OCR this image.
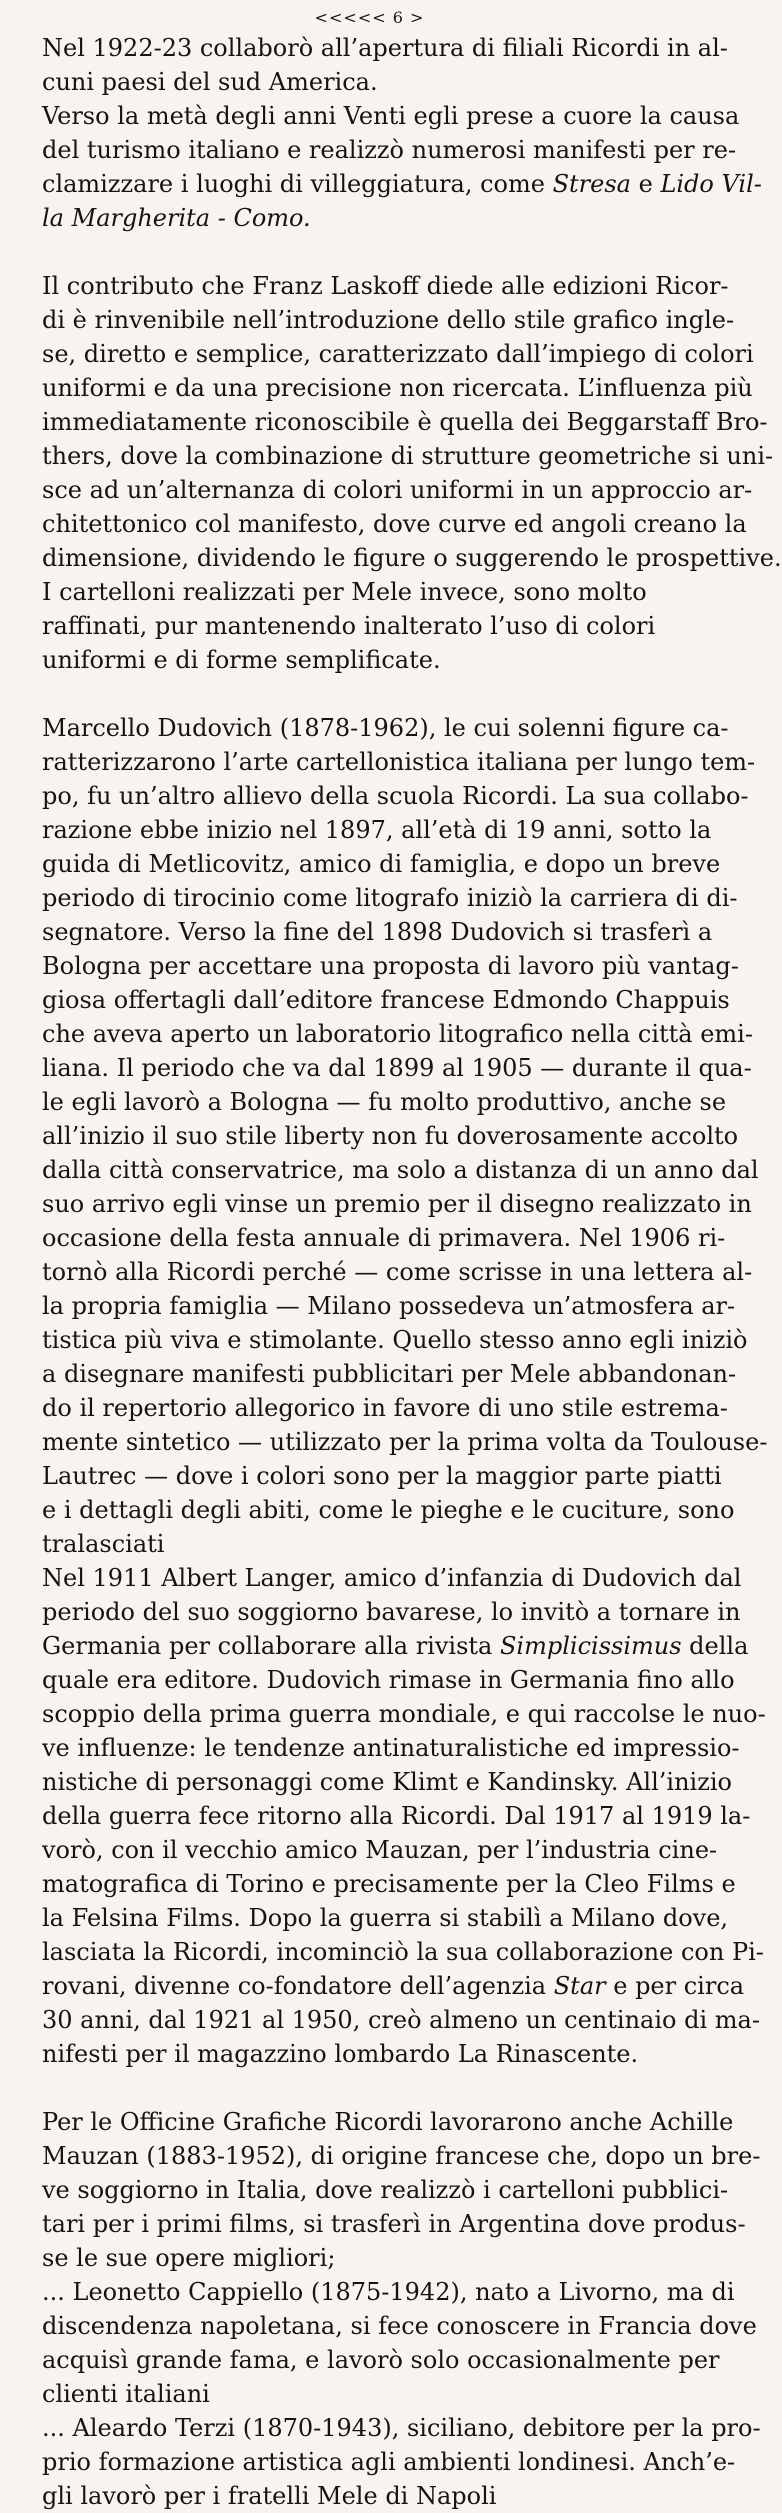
<<<<< 6 >
Nel 1922-23 collaborò all’apertura di filiali Ricordi in al-
cuni paesi del sud America.
Verso la metà degli anni Venti egli prese a cuore la causa
del turismo italiano e realizzò numerosi manifesti per re-
clamizzare i luoghi di villeggiatura, come Stresa e Lido Vil-
la Margherita - Como.
Il contributo che Franz Laskoff diede alle edizioni Ricor-
di è rinvenibile nell’introduzione dello stile grafico ingle-
se, diretto e semplice, caratterizzato dall’impiego di colori
uniformi e da una precisione non ricercata. L’influenza più
immediatamente riconoscibile è quella dei Beggarstaff Bro-
thers, dove la combinazione di strutture geometriche si uni-
sce ad un’alternanza di colori uniformi in un approccio ar-
chitettonico col manifesto, dove curve ed angoli creano la
dimensione, dividendo le figure o suggerendo le prospettive.
I cartelloni realizzati per Mele invece, sono molto
raffinati, pur mantenendo inalterato l’uso di colori
uniformi e di forme semplificate.
Marcello Dudovich (1878-1962), le cui solenni figure ca-
ratterizzarono l’arte cartellonistica italiana per lungo tem-
po, fu un’altro allievo della scuola Ricordi. La sua collabo-
razione ebbe inizio nel 1897, all’età di 19 anni, sotto la
guida di Metlicovitz, amico di famiglia, e dopo un breve
periodo di tirocinio come litografo iniziò la carriera di di-
segnatore. Verso la fine del 1898 Dudovich si trasferì a
Bologna per accettare una proposta di lavoro più vantag-
giosa offertagli dall’editore francese Edmondo Chappuis
che aveva aperto un laboratorio litografico nella città emi-
liana. Il periodo che va dal 1899 al 1905 — durante il qua-
le egli lavorò a Bologna — fu molto produttivo, anche se
all’inizio il suo stile liberty non fu doverosamente accolto
dalla città conservatrice, ma solo a distanza di un anno dal
suo arrivo egli vinse un premio per il disegno realizzato in
occasione della festa annuale di primavera. Nel 1906 ri-
tornò alla Ricordi perché — come scrisse in una lettera al-
la propria famiglia — Milano possedeva un’atmosfera ar-
tistica più viva e stimolante. Quello stesso anno egli iniziò
a disegnare manifesti pubblicitari per Mele abbandonan-
do il repertorio allegorico in favore di uno stile estrema-
mente sintetico — utilizzato per la prima volta da Toulouse-
Lautrec — dove i colori sono per la maggior parte piatti
e i dettagli degli abiti, come le pieghe e le cuciture, sono
tralasciati
Nel 1911 Albert Langer, amico d’infanzia di Dudovich dal
periodo del suo soggiorno bavarese, lo invitò a tornare in
Germania per collaborare alla rivista Simplicissimus della
quale era editore. Dudovich rimase in Germania fino allo
scoppio della prima guerra mondiale, e qui raccolse le nuo-
ve influenze: le tendenze antinaturalistiche ed impressio-
nistiche di personaggi come Klimt e Kandinsky. All’inizio
della guerra fece ritorno alla Ricordi. Dal 1917 al 1919 la-
vorò, con il vecchio amico Mauzan, per l’industria cine-
matografica di Torino e precisamente per la Cleo Films e
la Felsina Films. Dopo la guerra si stabilì a Milano dove,
lasciata la Ricordi, incominciò la sua collaborazione con Pi-
rovani, divenne co-fondatore dell’agenzia Star e per circa
30 anni, dal 1921 al 1950, creò almeno un centinaio di ma-
nifesti per il magazzino lombardo La Rinascente.
Per le Officine Grafiche Ricordi lavorarono anche Achille
Mauzan (1883-1952), di origine francese che, dopo un bre-
ve soggiorno in Italia, dove realizzò i cartelloni pubblici-
tari per i primi films, si trasferì in Argentina dove produs-
se le sue opere migliori;
... Leonetto Cappiello (1875-1942), nato a Livorno, ma di
discendenza napoletana, si fece conoscere in Francia dove
acquisì grande fama, e lavorò solo occasionalmente per
clienti italiani
... Aleardo Terzi (1870-1943), siciliano, debitore per la pro-
prio formazione artistica agli ambienti londinesi. Anch’e-
gli lavorò per i fratelli Mele di Napoli
